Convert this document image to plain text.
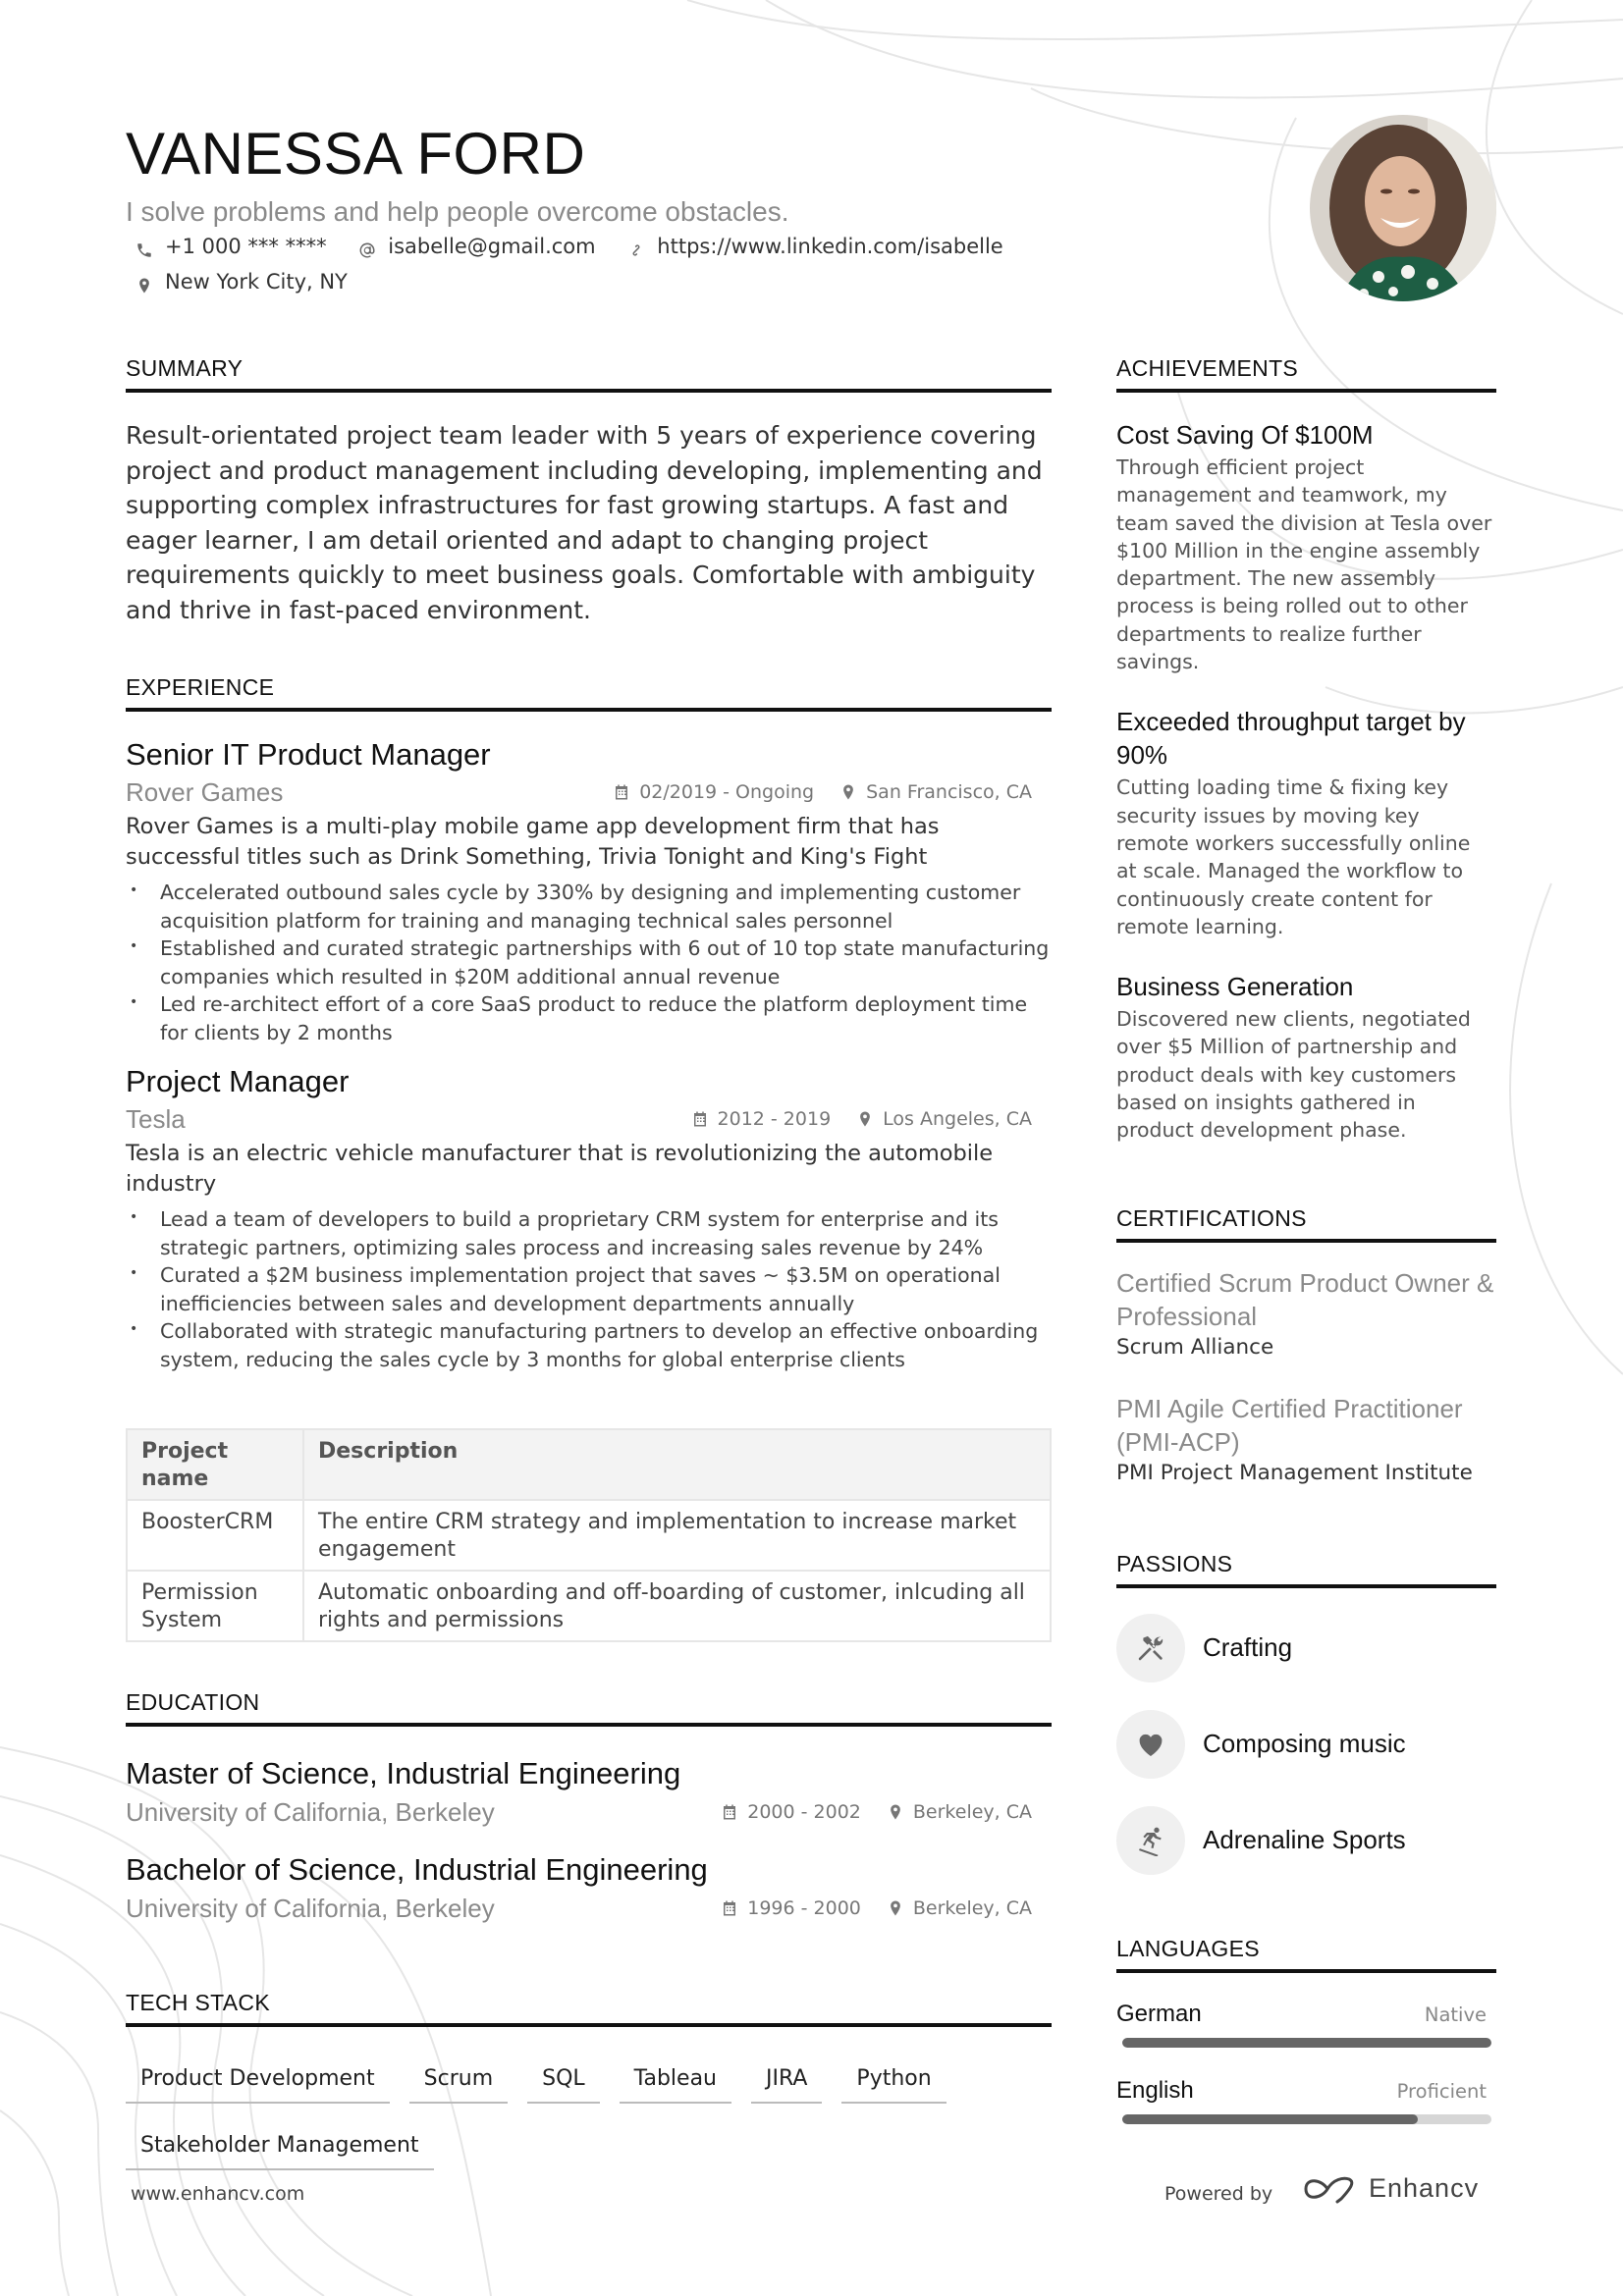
VANESSA FORD
I solve problems and help people overcome obstacles.
+1 000 *** ****
	isabelle@gmail.com
	https://www.linkedin.com/isabelle

New York City, NY
SUMMARY

Result-orientated project team leader with 5 years of experience covering project and product management including developing, implementing and supporting complex infrastructures for fast growing startups. A fast and eager learner, I am detail oriented and adapt to changing project requirements quickly to meet business goals. Comfortable with ambiguity and thrive in fast-paced environment.

EXPERIENCE
Senior IT Product Manager
Rover Games	02/2019 - Ongoing	San Francisco, CA
Rover Games is a multi-play mobile game app development firm that has successful titles such as Drink Something, Trivia Tonight and King's Fight
• Accelerated outbound sales cycle by 330% by designing and implementing customer acquisition platform for training and managing technical sales personnel
• Established and curated strategic partnerships with 6 out of 10 top state manufacturing companies which resulted in $20M additional annual revenue
• Led re-architect effort of a core SaaS product to reduce the platform deployment time for clients by 2 months
Project Manager
Tesla	2012 - 2019	Los Angeles, CA
Tesla is an electric vehicle manufacturer that is revolutionizing the automobile industry
• Lead a team of developers to build a proprietary CRM system for enterprise and its strategic partners, optimizing sales process and increasing sales revenue by 24%
• Curated a $2M business implementation project that saves ~ $3.5M on operational inefficiencies between sales and development departments annually
• Collaborated with strategic manufacturing partners to develop an effective onboarding system, reducing the sales cycle by 3 months for global enterprise clients
Project name	Description
BoosterCRM	The entire CRM strategy and implementation to increase market engagement
Permission System	Automatic onboarding and off-boarding of customer, inlcuding all rights and permissions
EDUCATION
Master of Science, Industrial Engineering
University of California, Berkeley	2000 - 2002	Berkeley, CA
Bachelor of Science, Industrial Engineering
University of California, Berkeley	1996 - 2000	Berkeley, CA
TECH STACK
Product Development	Scrum	SQL	Tableau	JIRA	Python
Stakeholder Management
ACHIEVEMENTS
Cost Saving Of $100M
Through efficient project management and teamwork, my team saved the division at Tesla over $100 Million in the engine assembly department. The new assembly process is being rolled out to other departments to realize further savings.
Exceeded throughput target by 90%
Cutting loading time & fixing key security issues by moving key remote workers successfully online at scale. Managed the workflow to continuously create content for remote learning.
Business Generation
Discovered new clients, negotiated over $5 Million of partnership and product deals with key customers based on insights gathered in product development phase.
CERTIFICATIONS
Certified Scrum Product Owner & Professional
Scrum Alliance
PMI Agile Certified Practitioner (PMI-ACP)
PMI Project Management Institute
PASSIONS
Crafting
Composing music
Adrenaline Sports
LANGUAGES
German	Native
English	Proficient
www.enhancv.com	Powered by	Enhancv
